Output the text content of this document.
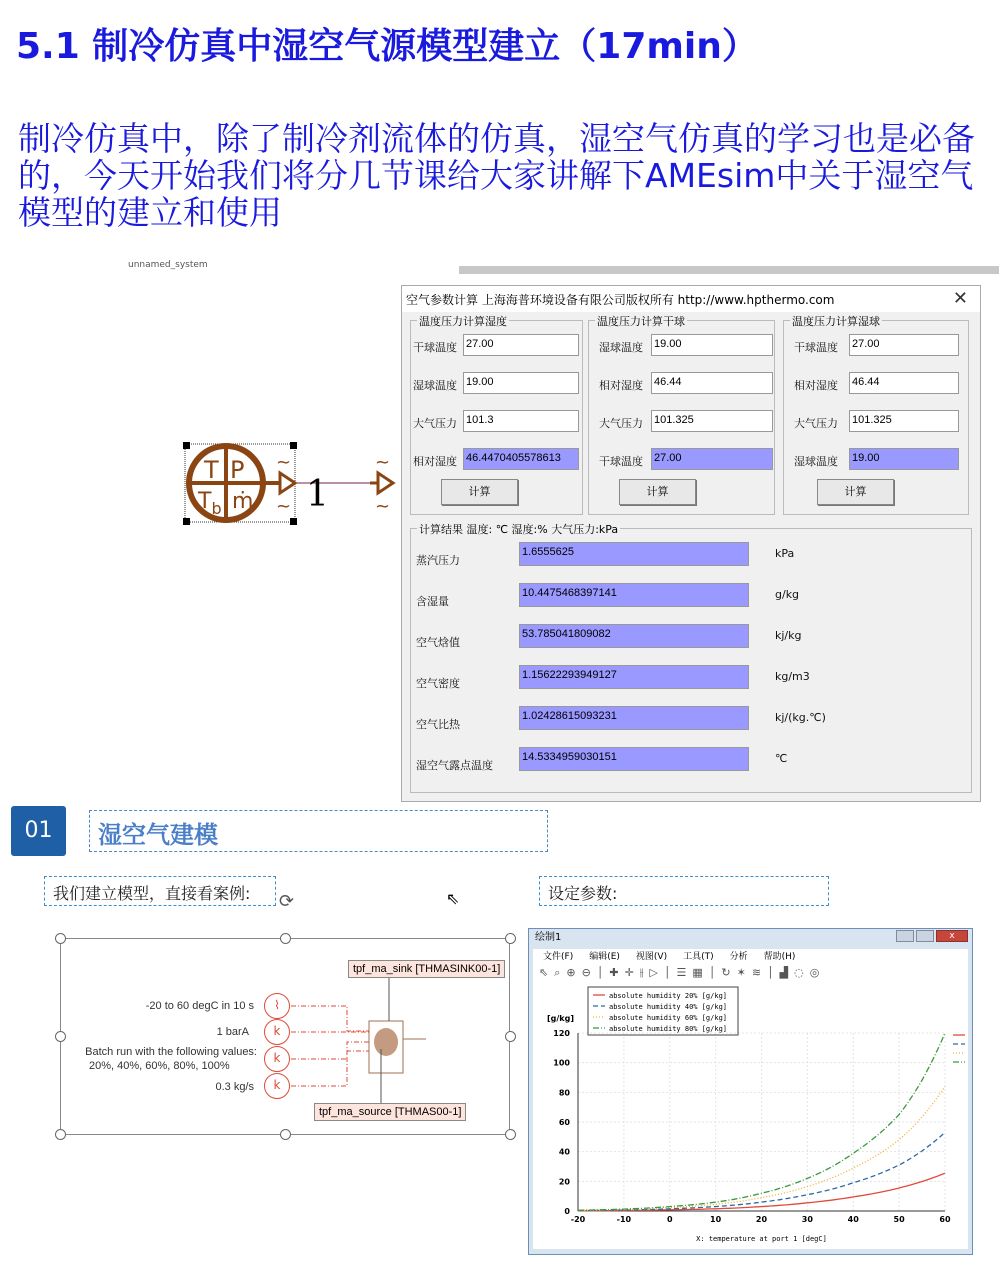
5.1 制冷仿真中湿空气源模型建立（17min）
制冷仿真中，除了制冷剂流体的仿真，湿空气仿真的学习也是必备的，今天开始我们将分几节课给大家讲解下AMEsim中关于湿空气模型的建立和使用
unnamed_system
T P
$T_b$ ṁ
~
~
~
~
1
空气参数计算 上海海普环境设备有限公司版权所有 http://www.hpthermo.com	✕
温度压力计算湿度
干球温度 27.00
湿球温度 19.00
大气压力 101.3
相对湿度 46.4470405578613
计算
温度压力计算干球
湿球温度 19.00
相对湿度 46.44
大气压力 101.325
干球温度 27.00
计算
温度压力计算湿球
干球温度 27.00
相对湿度 46.44
大气压力 101.325
湿球温度 19.00
计算
计算结果 温度: ℃ 湿度:% 大气压力:kPa
蒸汽压力
1.6555625	kPa
含湿量
10.4475468397141	g/kg
空气焓值
53.785041809082	kj/kg
空气密度
1.15622293949127	kg/m3
空气比热
1.02428615093231	kj/(kg.℃)
湿空气露点温度
14.5334959030151	℃
01	湿空气建模
我们建立模型，直接看案例:	设定参数:
⟳	⇖
-20 to 60 degC in 10 s
1 barA
Batch run with the following values:
20%, 40%, 60%, 80%, 100%
0.3 kg/s
⌇
k
k
k
tpf_ma_sink [THMASINK00-1]
tpf_ma_source [THMAS00-1]
绘制1	x
文件(F) 编辑(E) 视图(V) 工具(T) 分析 帮助(H)
⇖⌕⊕⊖│✚✛⫲▷│☰▦│↻✶≋│▟◌◎
-20	-10	0	10	20	30	40	50	60
0
20
40
60
80
100
120
[g/kg]
X: temperature at port 1 [degC]
absolute humidity 20% [g/kg]
absolute humidity 40% [g/kg]
absolute humidity 60% [g/kg]
absolute humidity 80% [g/kg]
